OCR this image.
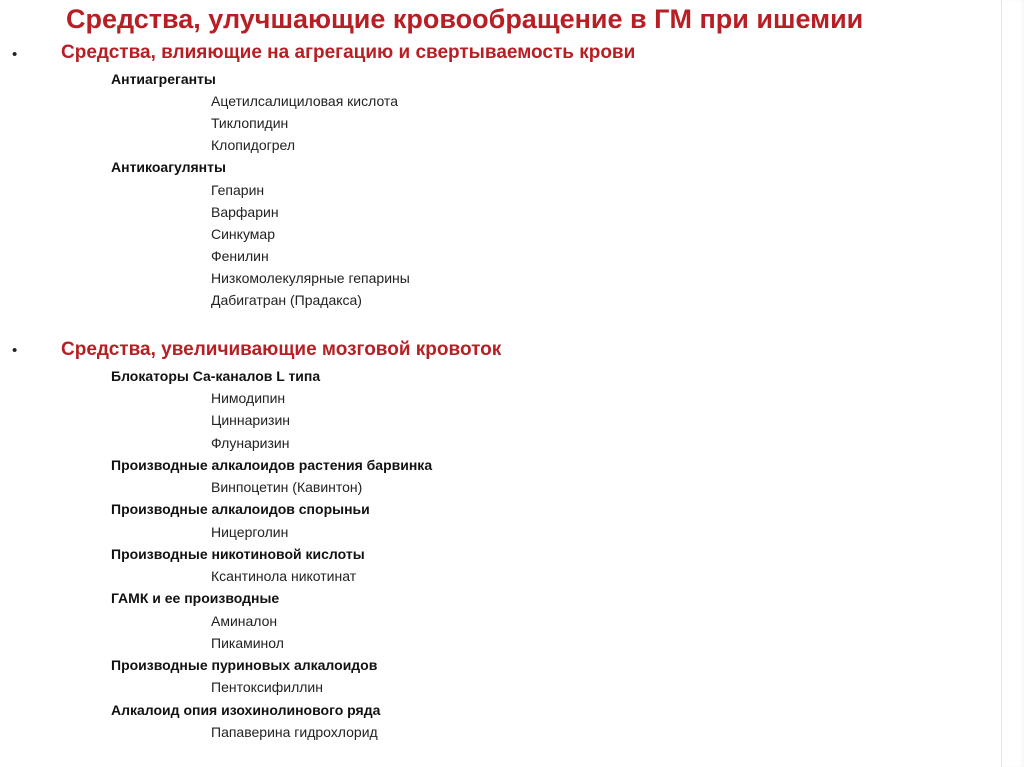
Средства, улучшающие кровообращение в ГМ при ишемии
• Средства, влияющие на агрегацию и свертываемость крови
Антиагреганты
Ацетилсалициловая кислота
Тиклопидин
Клопидогрел
Антикоагулянты
Гепарин
Варфарин
Синкумар
Фенилин
Низкомолекулярные гепарины
Дабигатран (Прадакса)
• Средства, увеличивающие мозговой кровоток
Блокаторы Са-каналов L типа
Нимодипин
Циннаризин
Флунаризин
Производные алкалоидов растения барвинка
Винпоцетин (Кавинтон)
Производные алкалоидов спорыньи
Ницерголин
Производные никотиновой кислоты
Ксантинола никотинат
ГАМК и ее производные
Аминалон
Пикаминол
Производные пуриновых алкалоидов
Пентоксифиллин
Алкалоид опия изохинолинового ряда
Папаверина гидрохлорид
